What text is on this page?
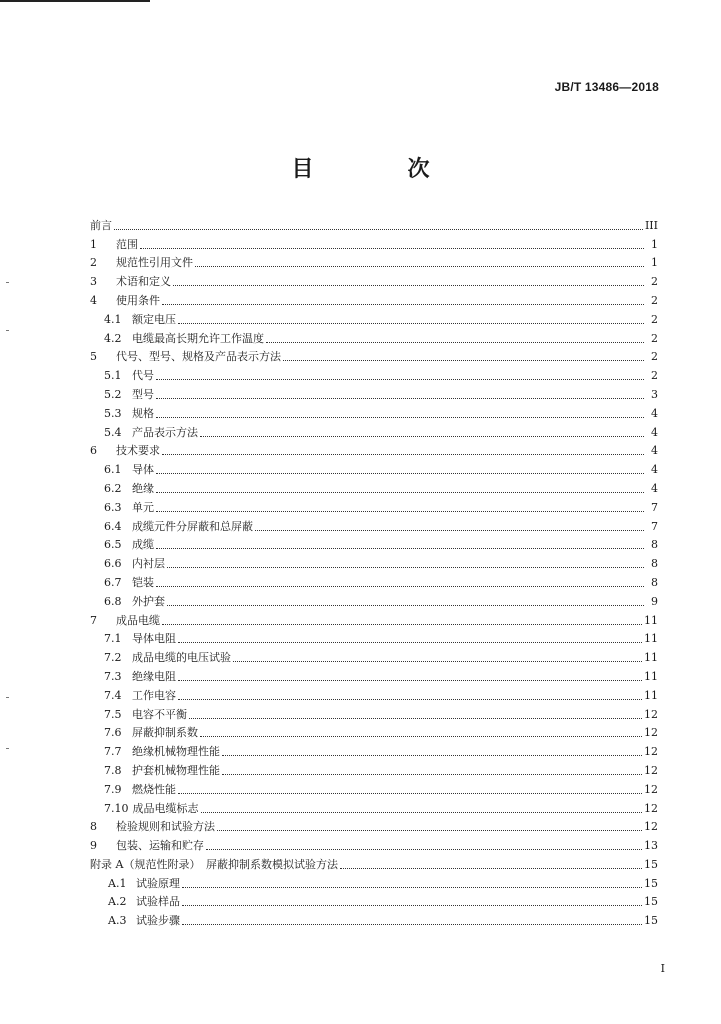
JB/T 13486—2018
目　次
前言	III
1	范围	1
2	规范性引用文件	1
3	术语和定义	2
4	使用条件	2
4.1 额定电压	2
4.2 电缆最高长期允许工作温度	2
5	代号、型号、规格及产品表示方法	2
5.1 代号	2
5.2 型号	3
5.3 规格	4
5.4 产品表示方法	4
6	技术要求	4
6.1 导体	4
6.2 绝缘	4
6.3 单元	7
6.4 成缆元件分屏蔽和总屏蔽	7
6.5 成缆	8
6.6 内衬层	8
6.7 铠装	8
6.8 外护套	9
7	成品电缆	11
7.1 导体电阻	11
7.2 成品电缆的电压试验	11
7.3 绝缘电阻	11
7.4 工作电容	11
7.5 电容不平衡	12
7.6 屏蔽抑制系数	12
7.7 绝缘机械物理性能	12
7.8 护套机械物理性能	12
7.9 燃烧性能	12
7.10 成品电缆标志	12
8	检验规则和试验方法	12
9	包装、运输和贮存	13
附录 A（规范性附录）　屏蔽抑制系数模拟试验方法	15
A.1 试验原理	15
A.2 试验样品	15
A.3 试验步骤	15
I
